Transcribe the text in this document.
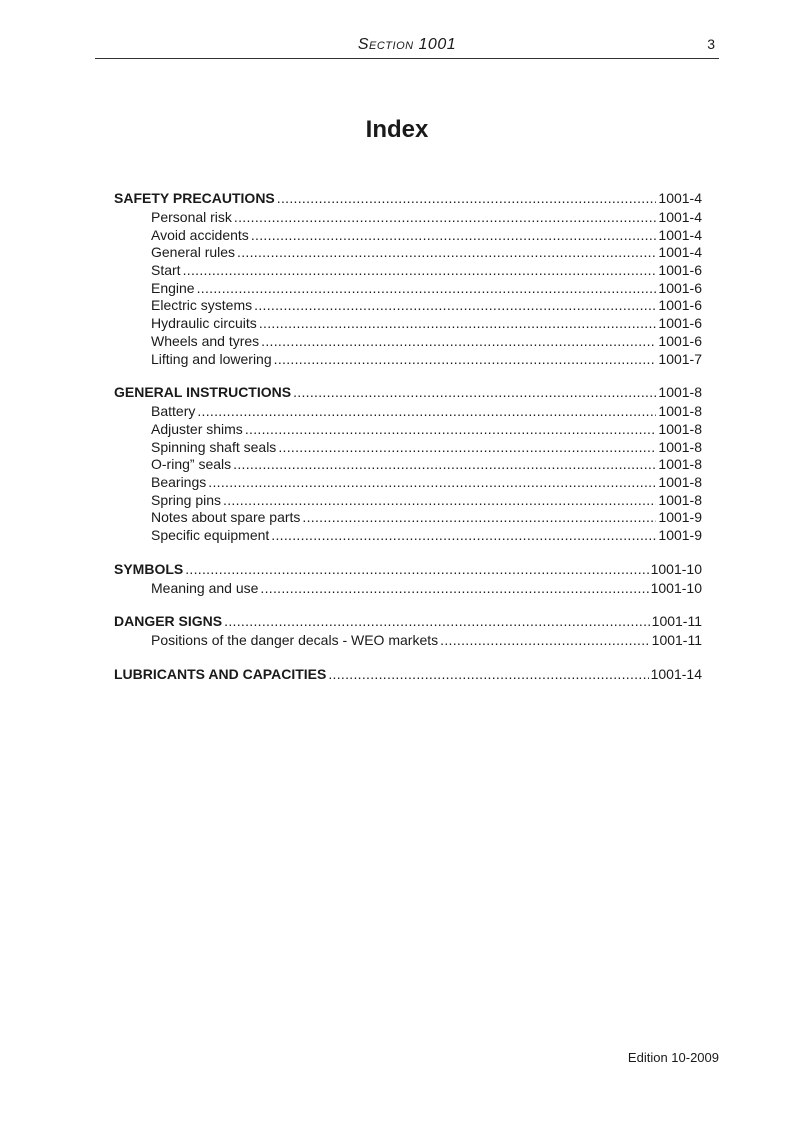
Section 1001	3
Index
SAFETY PRECAUTIONS .....	1001-4
Personal risk .....	1001-4
Avoid accidents .....	1001-4
General rules .....	1001-4
Start .....	1001-6
Engine .....	1001-6
Electric systems .....	1001-6
Hydraulic circuits .....	1001-6
Wheels and tyres .....	1001-6
Lifting and lowering .....	1001-7
GENERAL INSTRUCTIONS .....	1001-8
Battery .....	1001-8
Adjuster shims .....	1001-8
Spinning shaft seals .....	1001-8
O-ring” seals .....	1001-8
Bearings .....	1001-8
Spring pins .....	1001-8
Notes about spare parts .....	1001-9
Specific equipment .....	1001-9
SYMBOLS .....	1001-10
Meaning and use .....	1001-10
DANGER SIGNS .....	1001-11
Positions of the danger decals - WEO markets .....	1001-11
LUBRICANTS AND CAPACITIES .....	1001-14
Edition 10-2009
